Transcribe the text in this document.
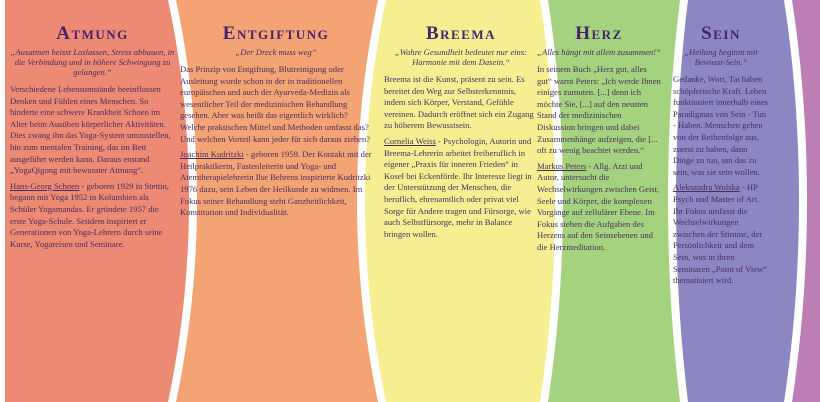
Atmung
„Ausatmen heisst Loslassen, Stress abbauen, in die Verbindung und in höhere Schwingung zu gelangen.“

Verschiedene Lebensumstände beeinflussen Denken und Fühlen eines Menschen. So hinderte eine schwere Krankheit Schoen im Alter beim Ausüben körperlicher Aktivitäten. Dies zwang ihn das Yoga-System umzustellen, hin zum mentalen Training, das im Bett ausgeführt werden kann. Daraus enstand „YogaQigong mit bewusster Atmung“.

Hans-Georg Schoen - geboren 1929 in Stettin, begann mit Yoga 1952 in Kolumbien als Schüler Yogamandas. Er gründete 1957 die erste Yoga-Schule. Seitdem inspiriert er Generationen von Yoga-Lehrern durch seine Kurse, Yogareisen und Seminare.

Entgiftung
„Der Dreck muss weg“

Das Prinzip von Entgiftung, Blutreinigung oder Ausleitung wurde schon in der in traditionellen europäischen und auch der Ayurveda-Medizin als wesentlicher Teil der medizinischen Behandlung gesehen. Aber was heißt das eigentlich wirklich? Welche praktischen Mittel und Methoden umfasst das? Und welchen Vorteil kann jeder für sich daraus ziehen?

Joachim Kudritzki - geboren 1959. Der Kontakt mit der Heilpraktikerin, Fastenleiterin und Yoga- und Atemtherapielehrerin Ilse Behrens inspirierte Kudritzki 1976 dazu, sein Leben der Heilkunde zu widmen. Im Fokus seiner Behandlung steht Ganzheitlichkeit, Konstitution und Individualität.

Breema
„Wahre Gesundheit bedeutet nur eins: Harmonie mit dem Dasein.“

Breema ist die Kunst, präsent zu sein. Es bereitet den Weg zur Selbsterkenntnis, indem sich Körper, Verstand, Gefühle vereinen. Dadurch eröffnet sich ein Zugang zu höherem Bewusstsein.

Cornelia Weiss - Psychologin, Autorin und Breema-Lehrerin arbeitet freiberuflich in eigener „Praxis für inneren Frieden“ in Kosel bei Eckenförde. Ihr Interesse liegt in der Unterstützung der Menschen, die beruflich, ehrenamtlich oder privat viel Sorge für Andere tragen und Fürsorge, wie auch Selbstfürsorge, mehr in Balance bringen wollen.

Herz
„Alles hängt mit allem zusammen!“

In seinem Buch „Herz gut, alles gut“ warnt Peters: „Ich werde Ihnen einiges zumuten. [...] denn ich möchte Sie, [...] auf den neusten Stand der medizinischen Diskussion bringen und dabei Zusammenhänge aufzeigen, die [... oft zu wenig beachtet werden.“

Markus Peters - Allg. Arzt und Autor, untersucht die Wechselwirkungen zwischen Geist, Seele und Körper, die komplexen Vorgänge auf zellulärer Ebene. Im Fokus stehen die Aufgaben des Herzens auf den Seinsebenen und die Herzmeditation.

Sein
„Heilung beginnt mit Bewusst-Sein.“

Gedanke, Wort, Tat haben schöpferische Kraft. Leben funktioniert innerhalb eines Paradigmas von Sein - Tun - Haben. Menschen gehen von der Reihenfolge aus, zuerst zu haben, dann Dinge zu tun, um das zu sein, was sie sein wollen.

Aleksandra Wolska - HP Psych und Master of Art. Ihr Fokus umfasst die Wechselwirkungen zwischen der Stimme, der Persönlichkeit und dem Sein, was in ihren Seminaren „Point of View“ thematisiert wird.
